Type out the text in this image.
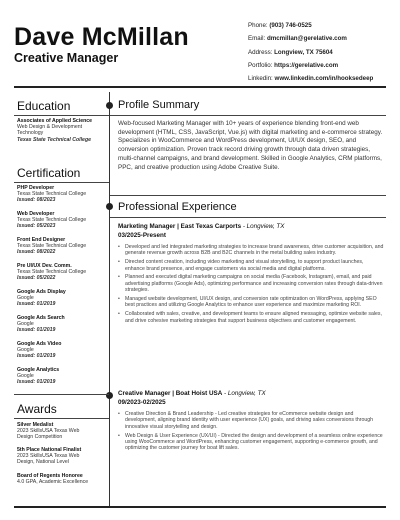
Dave McMillan
Creative Manager
Phone: (903) 746-0525
Email: dmcmillan@gerelative.com
Address: Longview, TX 75604
Portfolio: https://gerelative.com
Linkedin: www.linkedin.com/in/hooksedeep
Education
Associates of Applied Science
Web Design & Development Technology
Texas State Technical College
Certification
PHP Developer
Texas State Technical College
Issued: 08/2023
Web Developer
Texas State Technical College
Issued: 05/2023
Front End Designer
Texas State Technical College
Issued: 08/2022
Pre UI/UX Dev. Comm.
Texas State Technical College
Issued: 05/2022
Google Ads Display
Google
Issued: 01/2019
Google Ads Search
Google
Issued: 01/2019
Google Ads Video
Google
Issued: 01/2019
Google Analytics
Google
Issued: 01/2019
Awards
Silver Medalist
2023 SkillsUSA Texas Web
Design Competition
5th Place National Finalist
2023 SkillsUSA Texas Web
Design, National Level
Board of Regents Honoree
4.0 GPA, Academic Excellence
Profile Summary
Web-focused Marketing Manager with 10+ years of experience blending front-end web development (HTML, CSS, JavaScript, Vue.js) with digital marketing and e-commerce strategy. Specializes in WooCommerce and WordPress development, UI/UX design, SEO, and conversion optimization. Proven track record driving growth through data driven strategies, multi-channel campaigns, and brand development. Skilled in Google Analytics, CRM platforms, PPC, and creative production using Adobe Creative Suite.
Professional Experience
Marketing Manager | East Texas Carports - Longview, TX
03/2025-Present
• Developed and led integrated marketing strategies to increase brand awareness, drive customer acquisition, and generate revenue growth across B2B and B2C channels in the metal building sales industry.
• Directed content creation, including video marketing and visual storytelling, to support product launches, enhance brand presence, and engage customers via social media and digital platforms.
• Planned and executed digital marketing campaigns on social media (Facebook, Instagram), email, and paid advertising platforms (Google Ads), optimizing performance and increasing conversion rates through data-driven strategies.
• Managed website development, UI/UX design, and conversion rate optimization on WordPress, applying SEO best practices and utilizing Google Analytics to enhance user experience and maximize marketing ROI.
• Collaborated with sales, creative, and development teams to ensure aligned messaging, optimize website sales, and drive cohesive marketing strategies that support business objectives and customer engagement.
Creative Manager | Boat Hoist USA - Longview, TX
09/2023-02/2025
• Creative Direction & Brand Leadership - Led creative strategies for eCommerce website design and development, aligning brand identity with user experience (UX) goals, and driving sales conversions through innovative visual storytelling and design.
• Web Design & User Experience (UX/UI) - Directed the design and development of a seamless online experience using WooCommerce and WordPress, enhancing customer engagement, supporting e-commerce growth, and optimizing the customer journey for boat lift sales.
